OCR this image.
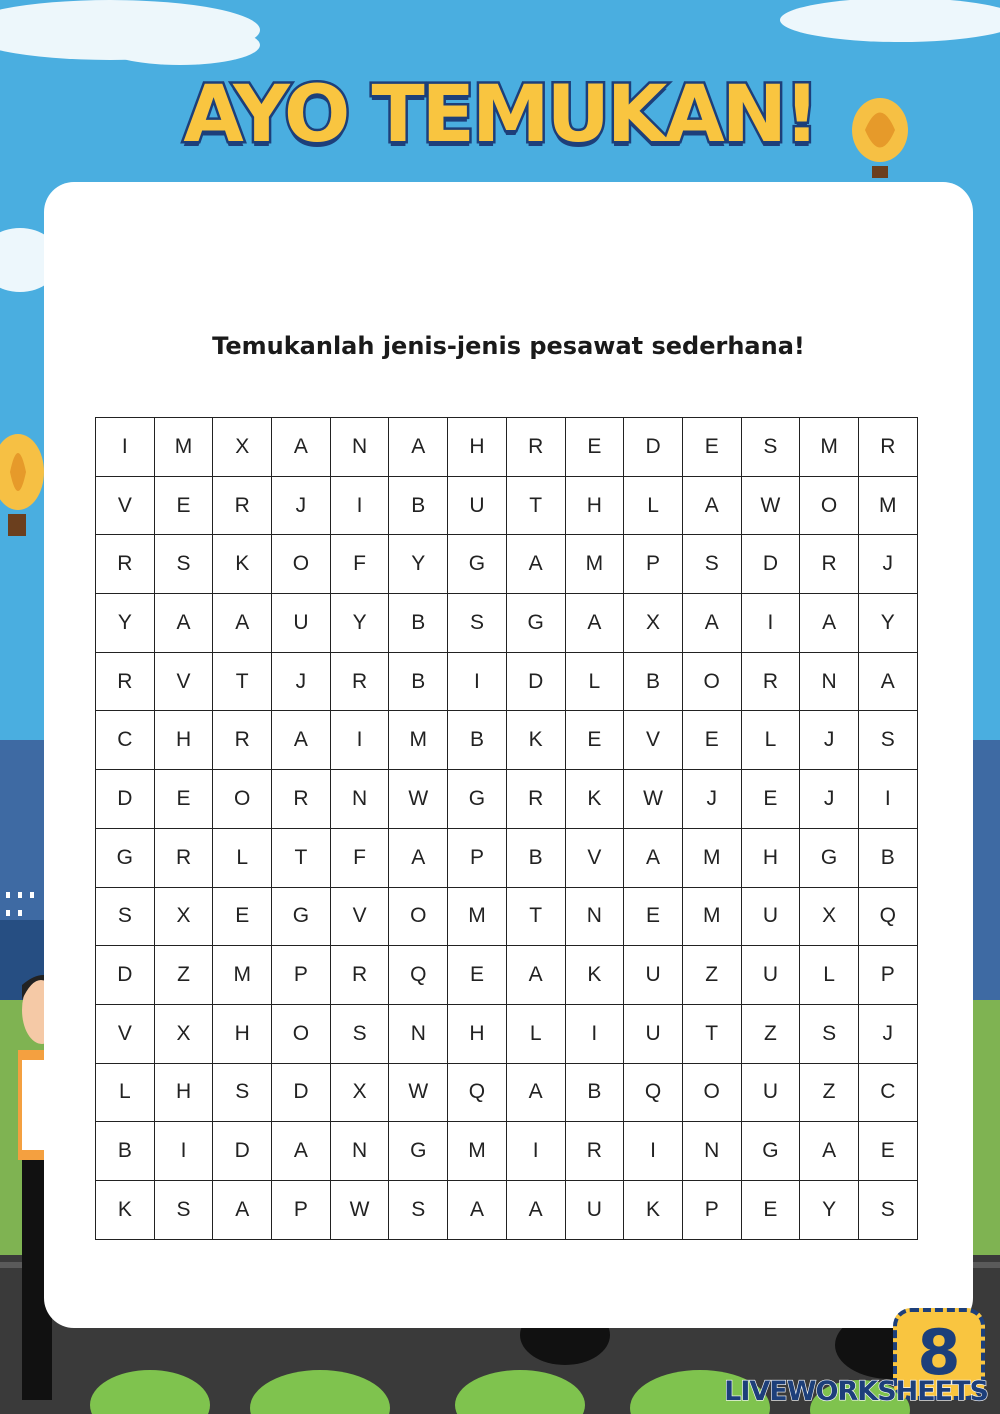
AYO TEMUKAN!
Temukanlah jenis-jenis pesawat sederhana!
I	M	X	A	N	A	H	R	E	D	E	S	M	R
V	E	R	J	I	B	U	T	H	L	A	W	O	M
R	S	K	O	F	Y	G	A	M	P	S	D	R	J
Y	A	A	U	Y	B	S	G	A	X	A	I	A	Y
R	V	T	J	R	B	I	D	L	B	O	R	N	A
C	H	R	A	I	M	B	K	E	V	E	L	J	S
D	E	O	R	N	W	G	R	K	W	J	E	J	I
G	R	L	T	F	A	P	B	V	A	M	H	G	B
S	X	E	G	V	O	M	T	N	E	M	U	X	Q
D	Z	M	P	R	Q	E	A	K	U	Z	U	L	P
V	X	H	O	S	N	H	L	I	U	T	Z	S	J
L	H	S	D	X	W	Q	A	B	Q	O	U	Z	C
B	I	D	A	N	G	M	I	R	I	N	G	A	E
K	S	A	P	W	S	A	A	U	K	P	E	Y	S
8
LIVEWORKSHEETS
